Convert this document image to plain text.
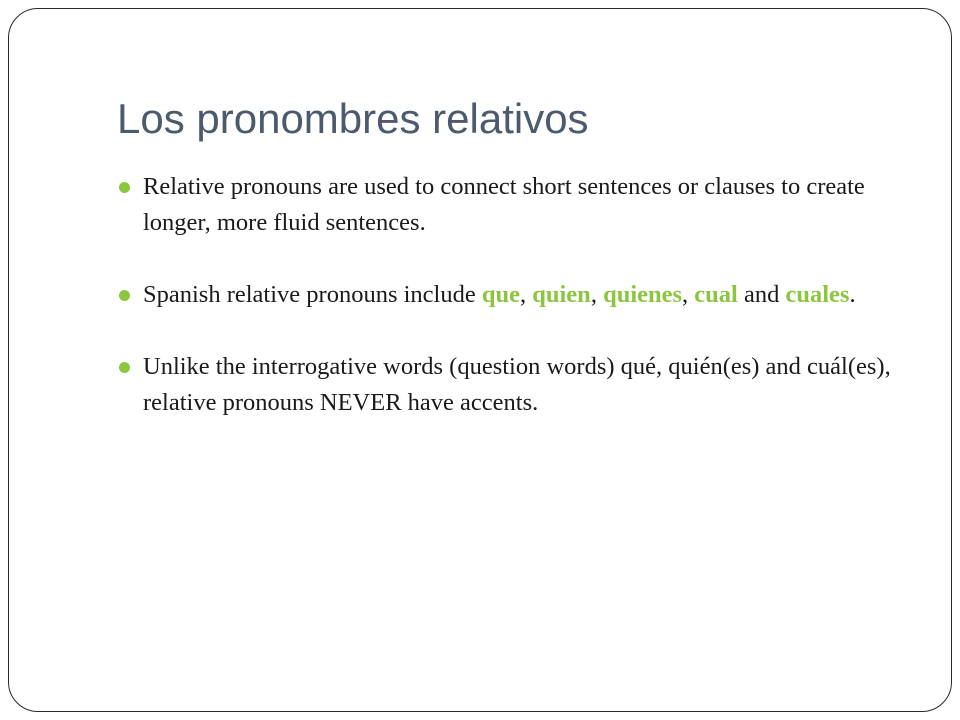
Los pronombres relativos
Relative pronouns are used to connect short sentences or clauses to create longer, more fluid sentences.
Spanish relative pronouns include que, quien, quienes, cual and cuales.
Unlike the interrogative words (question words) qué, quién(es) and cuál(es), relative pronouns NEVER have accents.
